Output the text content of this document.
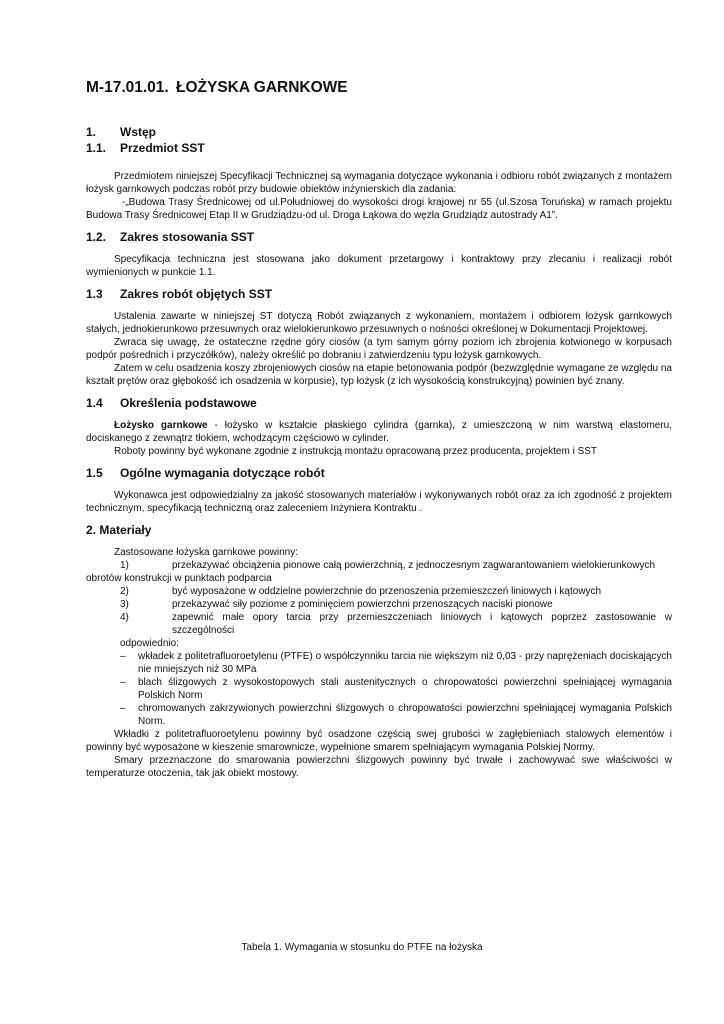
M-17.01.01. ŁOŻYSKA GARNKOWE
1. Wstęp
1.1. Przedmiot SST

Przedmiotem niniejszej Specyfikacji Technicznej są wymagania dotyczące wykonania i odbioru robót związanych z montażem łożysk garnkowych podczas robót przy budowie obiektów inżynierskich dla zadania:

-„Budowa Trasy Średnicowej od ul.Południowej do wysokości drogi krajowej nr 55 (ul.Szosa Toruńska) w ramach projektu Budowa Trasy Średnicowej Etap II w Grudziądzu-od ul. Droga Łąkowa do węzła Grudziądz autostrady A1”.

1.2. Zakres stosowania SST

Specyfikacja techniczna jest stosowana jako dokument przetargowy i kontraktowy przy zlecaniu i realizacji robót wymienionych w punkcie 1.1.

1.3 Zakres robót objętych SST

Ustalenia zawarte w niniejszej ST dotyczą Robót związanych z wykonaniem, montażem i odbiorem łożysk garnkowych stałych, jednokierunkowo przesuwnych oraz wielokierunkowo przesuwnych o nośności określonej w Dokumentacji Projektowej.

Zwraca się uwagę, że ostateczne rzędne góry ciosów (a tym samym górny poziom ich zbrojenia kotwionego w korpusach podpór pośrednich i przyczółków), należy określić po dobraniu i zatwierdzeniu typu łożysk garnkowych.

Zatem w celu osadzenia koszy zbrojeniowych ciosów na etapie betonowania podpór (bezwzględnie wymagane ze względu na kształt prętów oraz głębokość ich osadzenia w korpusie), typ łożysk (z ich wysokością konstrukcyjną) powinien być znany.

1.4 Określenia podstawowe

Łożysko garnkowe - łożysko w kształcie płaskiego cylindra (garnka), z umieszczoną w nim warstwą elastomeru, dociskanego z zewnątrz tłokiem, wchodzącym częściowo w cylinder.

Roboty powinny być wykonane zgodnie z instrukcją montażu opracowaną przez producenta, projektem i SST

1.5 Ogólne wymagania dotyczące robót

Wykonawca jest odpowiedzialny za jakość stosowanych materiałów i wykonywanych robót oraz za ich zgodność z projektem technicznym, specyfikacją techniczną oraz zaleceniem Inżyniera Kontraktu .

2. Materiały

Zastosowane łożyska garnkowe powinny:

1)	przekazywać obciążenia pionowe całą powierzchnią, z jednoczesnym zagwarantowaniem wielokierunkowych

obrotów konstrukcji w punktach podparcia

2)	być wyposażone w oddzielne powierzchnie do przenoszenia przemieszczeń liniowych i kątowych
3)	przekazywać siły poziome z pominięciem powierzchni przenoszących naciski pionowe
4)	zapewnić małe opory tarcia przy przemieszczeniach liniowych i kątowych poprzez zastosowanie w szczególności

odpowiednio:

–	wkładek z politetrafluoroetylenu (PTFE) o współczynniku tarcia nie większym niż 0,03 - przy naprężeniach dociskających nie mniejszych niż 30 MPa
–	blach ślizgowych z wysokostopowych stali austenitycznych o chropowatości powierzchni spełniającej wymagania Polskich Norm
–	chromowanych zakrzywionych powierzchni ślizgowych o chropowatości powierzchni spełniającej wymagania Polskich Norm.

Wkładki z politetrafluoroetylenu powinny być osadzone częścią swej grubości w zagłębieniach stalowych elementów i powinny być wyposażone w kieszenie smarownicze, wypełnione smarem spełniającym wymagania Polskiej Normy.

Smary przeznaczone do smarowania powierzchni ślizgowych powinny być trwałe i zachowywać swe właściwości w temperaturze otoczenia, tak jak obiekt mostowy.

Tabela 1. Wymagania w stosunku do PTFE na łożyska
